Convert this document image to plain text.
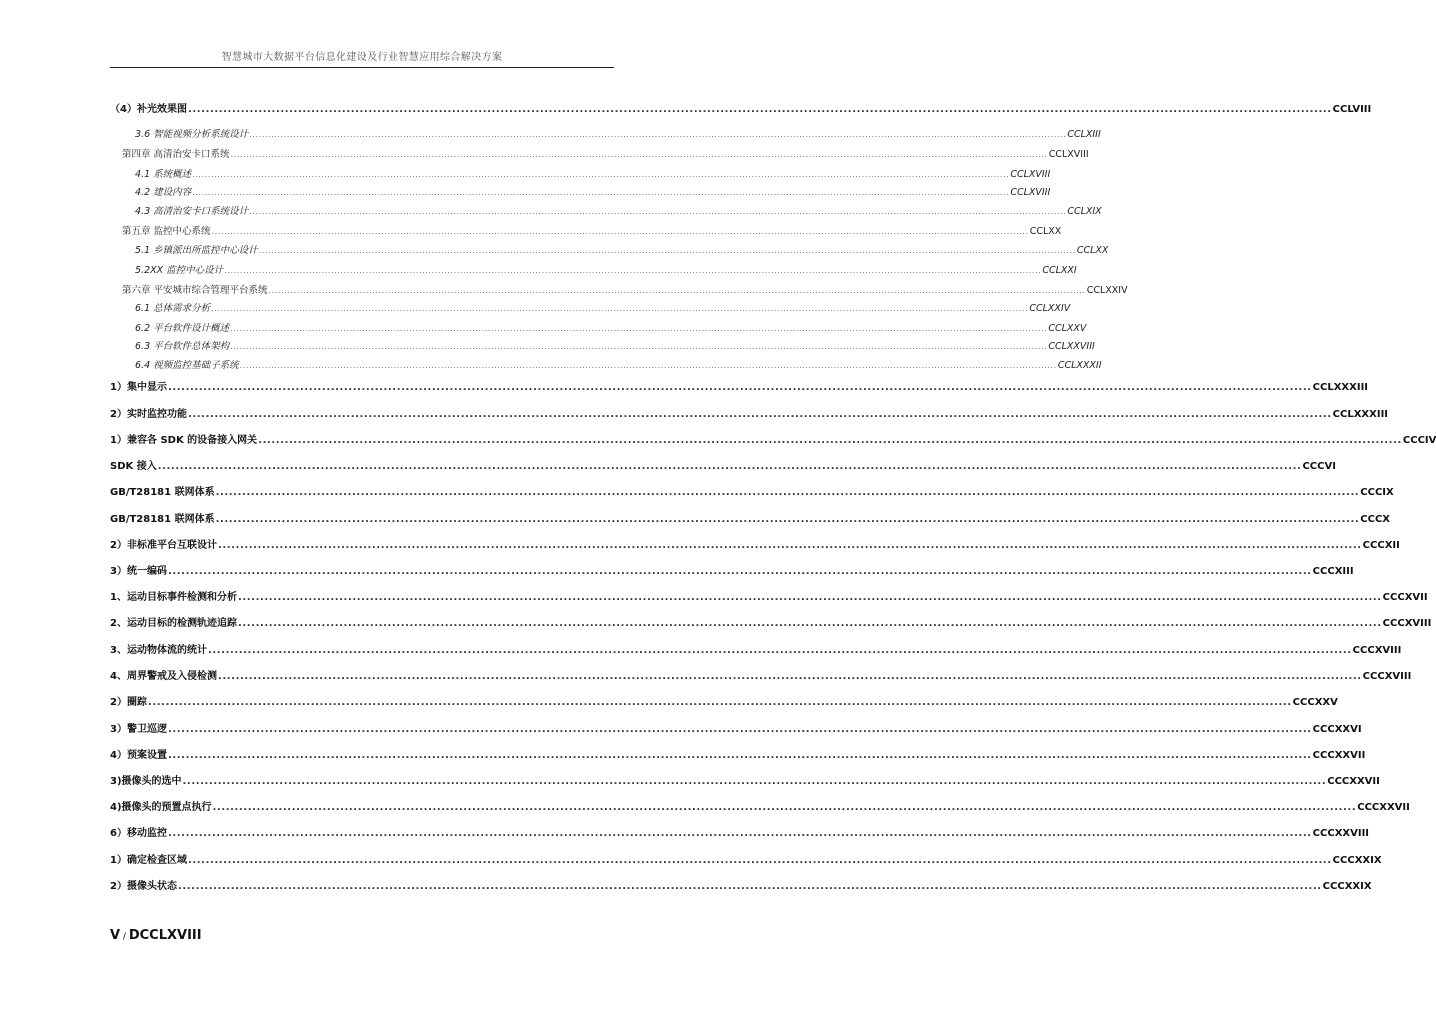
智慧城市大数据平台信息化建设及行业智慧应用综合解决方案
（4）补光效果图 .................................................................................................................................................................................................................................................................... CCLVIII
3.6 智能视频分析系统设计 .................................................................................................................................................................................................................................................................... CCLXIII
第四章 高清治安卡口系统 .................................................................................................................................................................................................................................................................... CCLXVIII
4.1 系统概述 .................................................................................................................................................................................................................................................................... CCLXVIII
4.2 建设内容 .................................................................................................................................................................................................................................................................... CCLXVIII
4.3 高清治安卡口系统设计 .................................................................................................................................................................................................................................................................... CCLXIX
第五章 监控中心系统 .................................................................................................................................................................................................................................................................... CCLXX
5.1 乡镇派出所监控中心设计 .................................................................................................................................................................................................................................................................... CCLXX
5.2XX 监控中心设计 .................................................................................................................................................................................................................................................................... CCLXXI
第六章 平安城市综合管理平台系统 .................................................................................................................................................................................................................................................................... CCLXXIV
6.1 总体需求分析 .................................................................................................................................................................................................................................................................... CCLXXIV
6.2 平台软件设计概述 .................................................................................................................................................................................................................................................................... CCLXXV
6.3 平台软件总体架构 .................................................................................................................................................................................................................................................................... CCLXXVIII
6.4 视频监控基础子系统 .................................................................................................................................................................................................................................................................... CCLXXXII
1）集中显示 .................................................................................................................................................................................................................................................................... CCLXXXIII
2）实时监控功能 .................................................................................................................................................................................................................................................................... CCLXXXIII
1）兼容各 SDK 的设备接入网关 .................................................................................................................................................................................................................................................................... CCCIV
SDK 接入 .................................................................................................................................................................................................................................................................... CCCVI
GB/T28181 联网体系 .................................................................................................................................................................................................................................................................... CCCIX
GB/T28181 联网体系 .................................................................................................................................................................................................................................................................... CCCX
2）非标准平台互联设计 .................................................................................................................................................................................................................................................................... CCCXII
3）统一编码 .................................................................................................................................................................................................................................................................... CCCXIII
1、运动目标事件检测和分析 .................................................................................................................................................................................................................................................................... CCCXVII
2、运动目标的检测轨迹追踪 .................................................................................................................................................................................................................................................................... CCCXVIII
3、运动物体流的统计 .................................................................................................................................................................................................................................................................... CCCXVIII
4、周界警戒及入侵检测 .................................................................................................................................................................................................................................................................... CCCXVIII
2）圈踪 .................................................................................................................................................................................................................................................................... CCCXXV
3）警卫巡逻 .................................................................................................................................................................................................................................................................... CCCXXVI
4）预案设置 .................................................................................................................................................................................................................................................................... CCCXXVII
3)摄像头的选中 .................................................................................................................................................................................................................................................................... CCCXXVII
4)摄像头的预置点执行 .................................................................................................................................................................................................................................................................... CCCXXVII
6）移动监控 .................................................................................................................................................................................................................................................................... CCCXXVIII
1）确定检查区域 .................................................................................................................................................................................................................................................................... CCCXXIX
2）摄像头状态 .................................................................................................................................................................................................................................................................... CCCXXIX
V / DCCLXVIII
